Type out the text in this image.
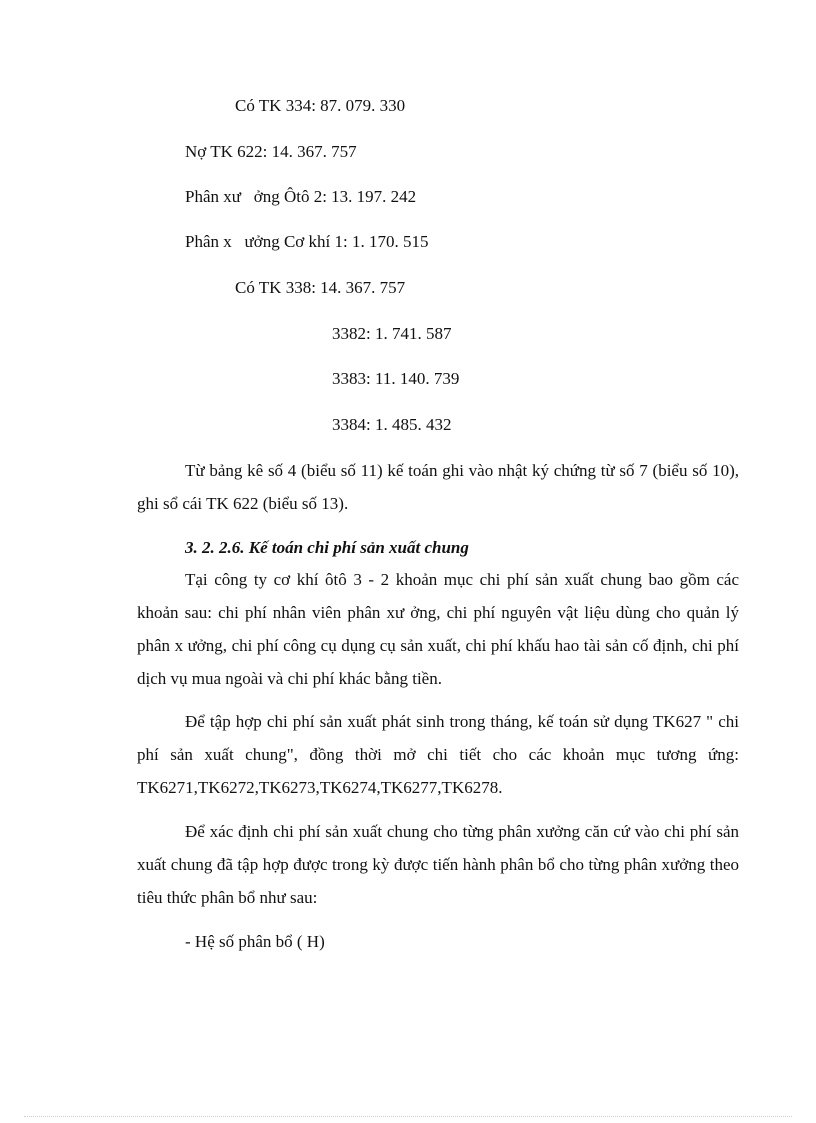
Có TK 334: 87. 079. 330
Nợ TK 622: 14. 367. 757
Phân xư   ởng Ôtô 2: 13. 197. 242
Phân x   ưởng Cơ khí 1: 1. 170. 515
Có TK 338: 14. 367. 757
3382: 1. 741. 587
3383: 11. 140. 739
3384: 1. 485. 432
Từ bảng kê số 4 (biểu số 11) kế toán ghi vào nhật ký chứng từ số 7 (biểu số 10), ghi sổ cái TK 622 (biểu số 13).
3. 2. 2.6. Kế toán chi phí sản xuất chung
Tại công ty cơ khí ôtô 3 - 2 khoản mục chi phí sản xuất chung bao gồm các khoản sau: chi phí nhân viên phân xư ởng, chi phí nguyên vật liệu dùng cho quản lý phân x ưởng, chi phí công cụ dụng cụ sản xuất, chi phí khấu hao tài sản cố định, chi phí dịch vụ mua ngoài và chi phí khác bằng tiền.
Để tập hợp chi phí sản xuất phát sinh trong tháng, kế toán sử dụng TK627 " chi phí sản xuất chung", đồng thời mở chi tiết cho các khoản mục tương ứng: TK6271,TK6272,TK6273,TK6274,TK6277,TK6278.
Để xác định chi phí sản xuất chung cho từng phân xưởng căn cứ vào chi phí sản xuất chung đã tập hợp được trong kỳ được tiến hành phân bổ cho từng phân xưởng theo tiêu thức phân bổ như sau:
- Hệ số phân bổ ( H)
